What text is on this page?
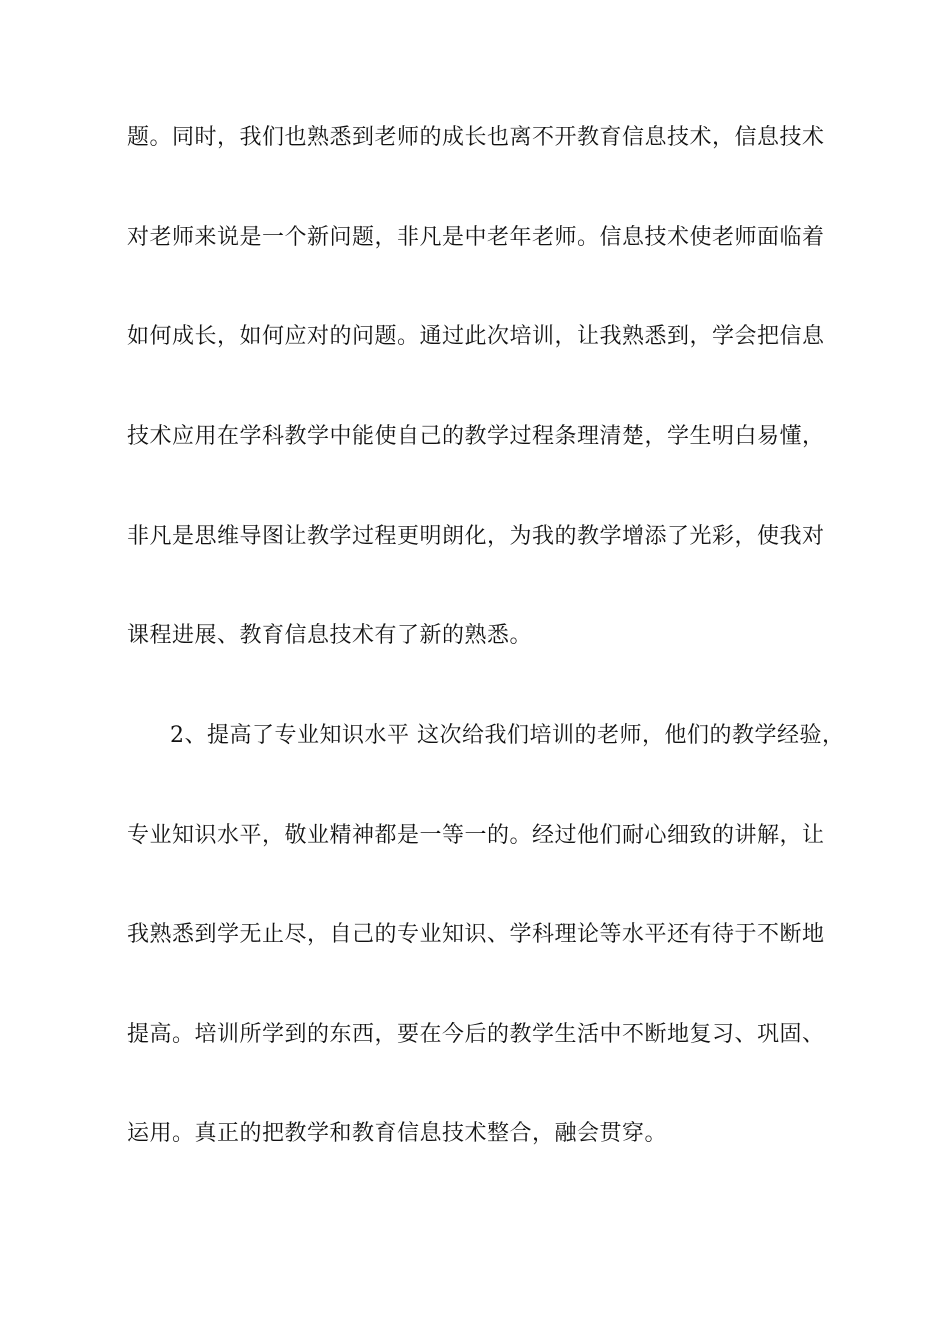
题。同时，我们也熟悉到老师的成长也离不开教育信息技术，信息技术

对老师来说是一个新问题，非凡是中老年老师。信息技术使老师面临着

如何成长，如何应对的问题。通过此次培训，让我熟悉到，学会把信息

技术应用在学科教学中能使自己的教学过程条理清楚，学生明白易懂，

非凡是思维导图让教学过程更明朗化，为我的教学增添了光彩，使我对

课程进展、教育信息技术有了新的熟悉。

2、提高了专业知识水平 这次给我们培训的老师，他们的教学经验，

专业知识水平，敬业精神都是一等一的。经过他们耐心细致的讲解，让

我熟悉到学无止尽，自己的专业知识、学科理论等水平还有待于不断地

提高。培训所学到的东西，要在今后的教学生活中不断地复习、巩固、

运用。真正的把教学和教育信息技术整合，融会贯穿。
